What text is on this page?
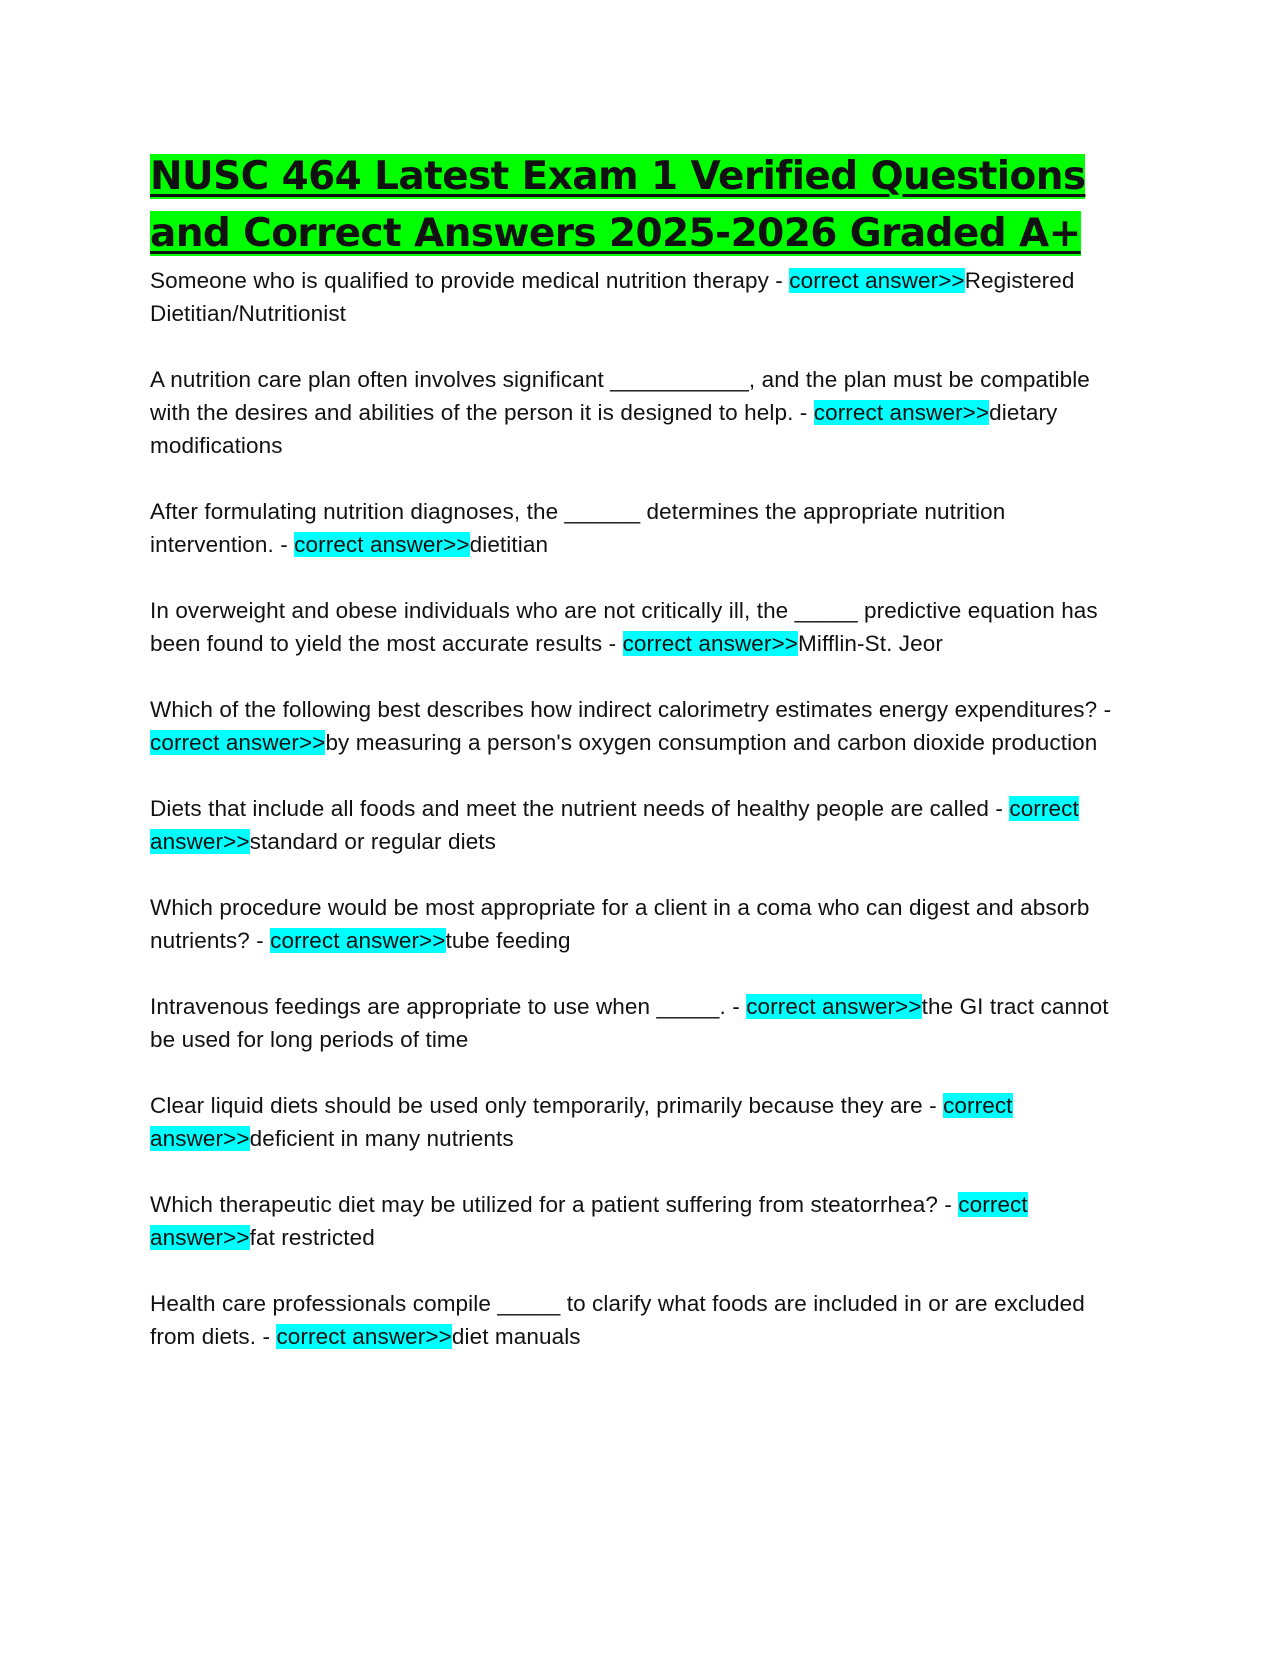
NUSC 464 Latest Exam 1 Verified Questions and Correct Answers 2025-2026 Graded A+

Someone who is qualified to provide medical nutrition therapy - correct answer>>Registered Dietitian/Nutritionist

A nutrition care plan often involves significant ___________, and the plan must be compatible with the desires and abilities of the person it is designed to help. - correct answer>>dietary modifications

After formulating nutrition diagnoses, the ______ determines the appropriate nutrition intervention. - correct answer>>dietitian

In overweight and obese individuals who are not critically ill, the _____ predictive equation has been found to yield the most accurate results - correct answer>>Mifflin-St. Jeor

Which of the following best describes how indirect calorimetry estimates energy expenditures? - correct answer>>by measuring a person's oxygen consumption and carbon dioxide production

Diets that include all foods and meet the nutrient needs of healthy people are called - correct answer>>standard or regular diets

Which procedure would be most appropriate for a client in a coma who can digest and absorb nutrients? - correct answer>>tube feeding

Intravenous feedings are appropriate to use when _____. - correct answer>>the GI tract cannot be used for long periods of time

Clear liquid diets should be used only temporarily, primarily because they are - correct answer>>deficient in many nutrients

Which therapeutic diet may be utilized for a patient suffering from steatorrhea? - correct answer>>fat restricted

Health care professionals compile _____ to clarify what foods are included in or are excluded from diets. - correct answer>>diet manuals
